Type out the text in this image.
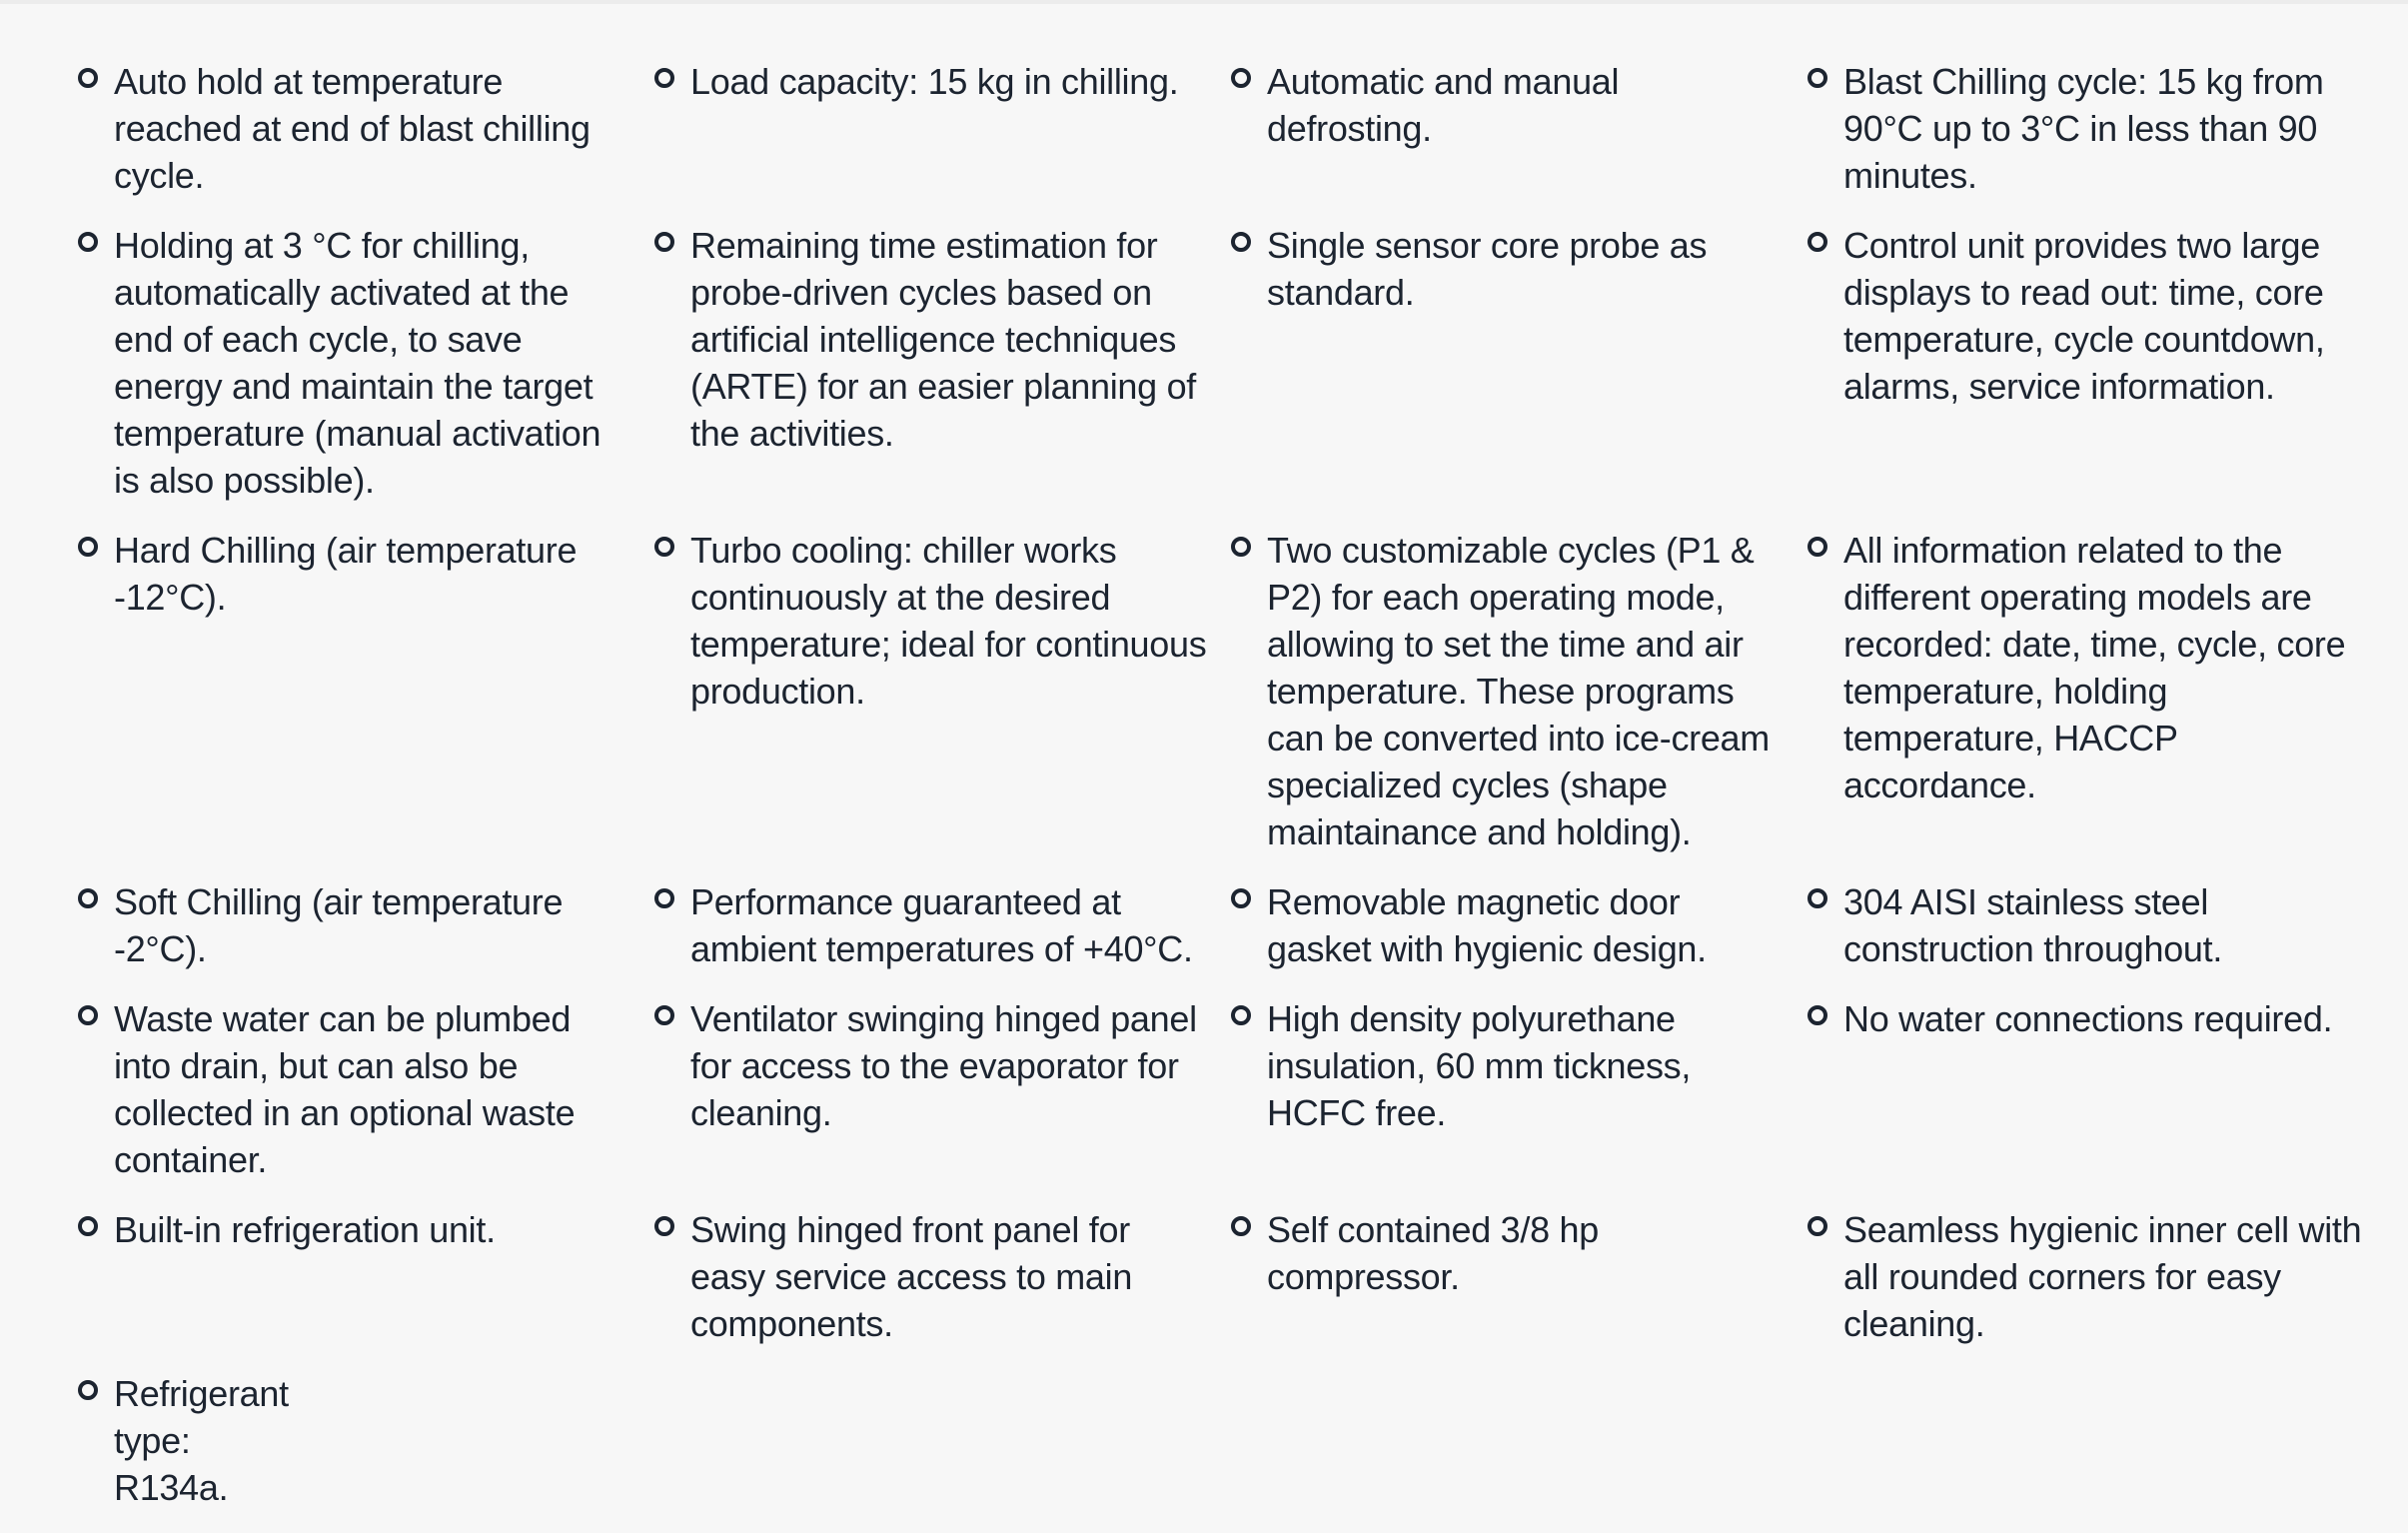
Auto hold at temperature reached at end of blast chilling cycle.
Load capacity: 15 kg in chilling. Automatic and manual defrosting.
Blast Chilling cycle: 15 kg from 90°C up to 3°C in less than 90 minutes.
Holding at 3 °C for chilling, automatically activated at the end of each cycle, to save energy and maintain the target temperature (manual activation is also possible).
Remaining time estimation for probe-driven cycles based on artificial intelligence techniques (ARTE) for an easier planning of the activities.
Single sensor core probe as standard.
Control unit provides two large displays to read out: time, core temperature, cycle countdown, alarms, service information.
Hard Chilling (air temperature -12°C).
Turbo cooling: chiller works continuously at the desired temperature; ideal for continuous production.
Two customizable cycles (P1 & P2) for each operating mode, allowing to set the time and air temperature. These programs can be converted into ice-cream specialized cycles (shape maintainance and holding).
All information related to the different operating models are recorded: date, time, cycle, core temperature, holding temperature, HACCP accordance.
Soft Chilling (air temperature -2°C).
Performance guaranteed at ambient temperatures of +40°C.
Removable magnetic door gasket with hygienic design.
304 AISI stainless steel construction throughout.
Waste water can be plumbed into drain, but can also be collected in an optional waste container.
Ventilator swinging hinged panel for access to the evaporator for cleaning.
High density polyurethane insulation, 60 mm tickness, HCFC free.
No water connections required.
Built-in refrigeration unit.	Swing hinged front panel for easy service access to main components.
Self contained 3/8 hp compressor.
Seamless hygienic inner cell with all rounded corners for easy cleaning.
Refrigerant type: R134a.
